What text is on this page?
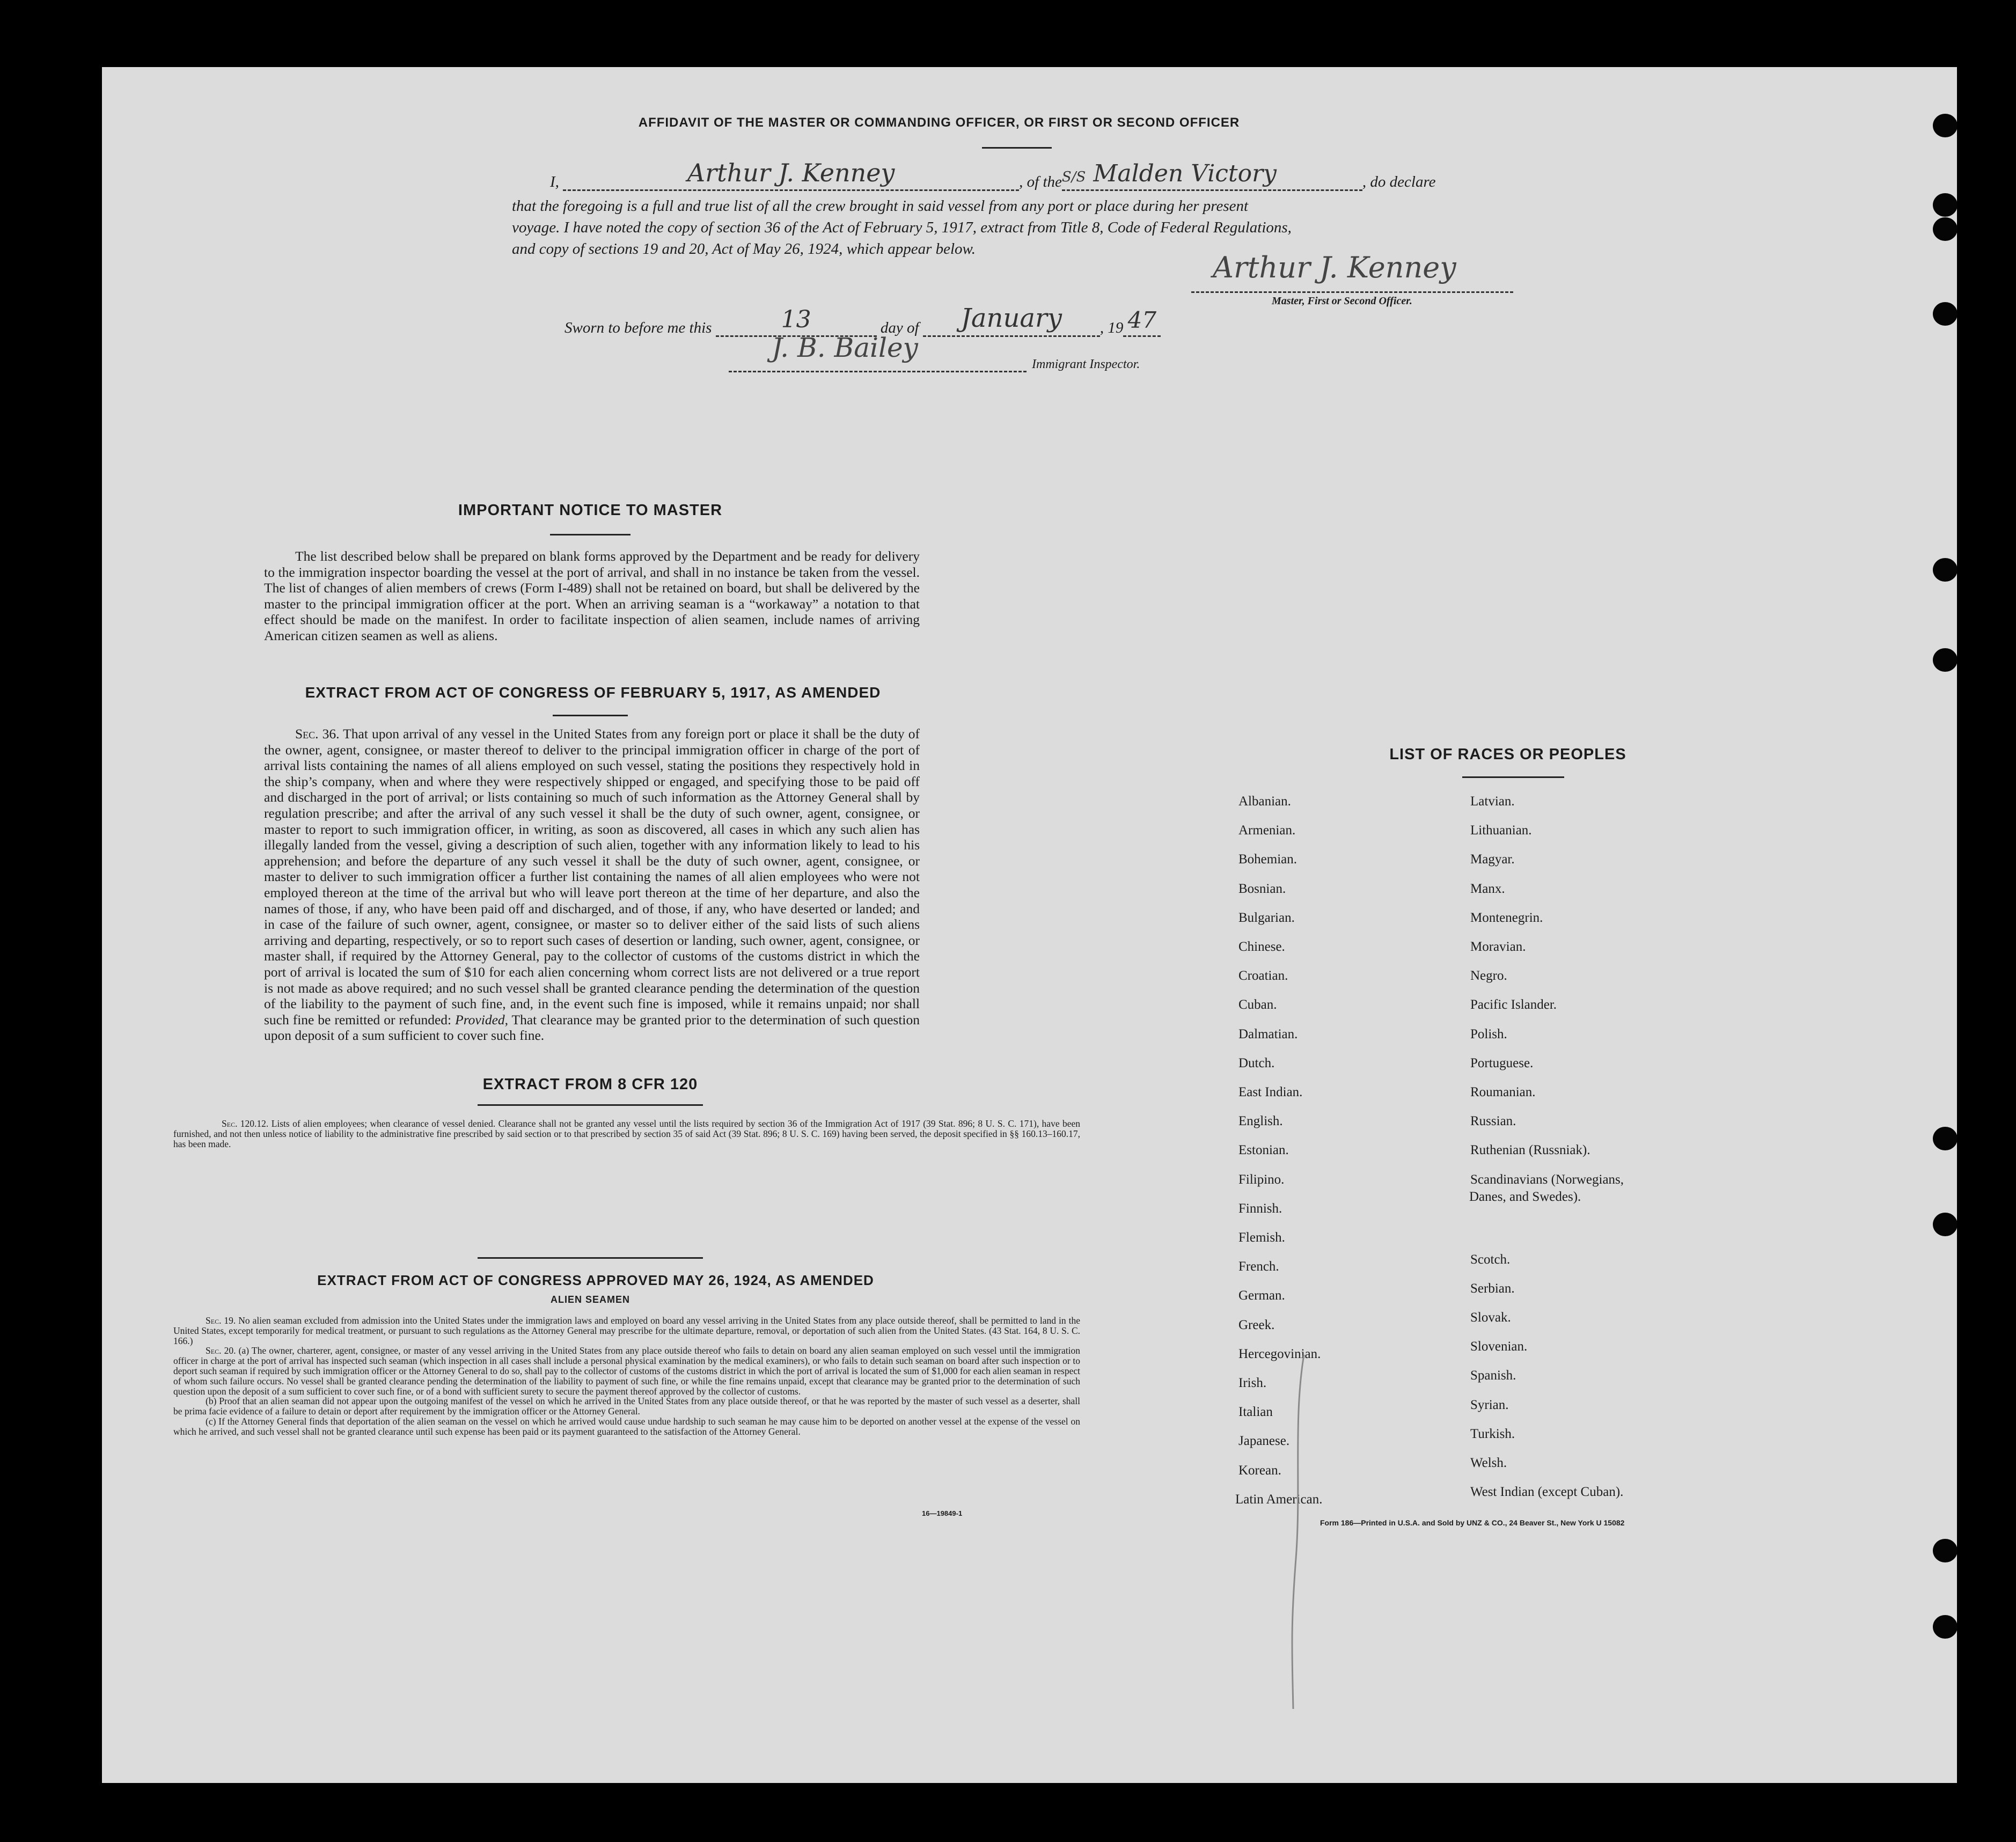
AFFIDAVIT OF THE MASTER OR COMMANDING OFFICER, OR FIRST OR SECOND OFFICER
I,	Arthur J. Kenney	, of the S/S Malden Victory	, do declare
that the foregoing is a full and true list of all the crew brought in said vessel from any port or place during her present
voyage. I have noted the copy of section 36 of the Act of February 5, 1917, extract from Title 8, Code of Federal Regulations,
and copy of sections 19 and 20, Act of May 26, 1924, which appear below.
Arthur J. Kenney
Master, First or Second Officer.
Sworn to before me this	13	day of	January	, 19 47
J. B. Bailey
Immigrant Inspector.
IMPORTANT NOTICE TO MASTER
The list described below shall be prepared on blank forms approved by the Department and be ready for delivery to the immigration inspector boarding the vessel at the port of arrival, and shall in no instance be taken from the vessel. The list of changes of alien members of crews (Form I-489) shall not be retained on board, but shall be delivered by the master to the principal immigration officer at the port. When an arriving seaman is a “workaway” a notation to that effect should be made on the manifest. In order to facilitate inspection of alien seamen, include names of arriving American citizen seamen as well as aliens.
EXTRACT FROM ACT OF CONGRESS OF FEBRUARY 5, 1917, AS AMENDED
Sec. 36. That upon arrival of any vessel in the United States from any foreign port or place it shall be the duty of the owner, agent, consignee, or master thereof to deliver to the principal immigration officer in charge of the port of arrival lists containing the names of all aliens employed on such vessel, stating the positions they respectively hold in the ship’s company, when and where they were respectively shipped or engaged, and specifying those to be paid off and discharged in the port of arrival; or lists containing so much of such information as the Attorney General shall by regulation prescribe; and after the arrival of any such vessel it shall be the duty of such owner, agent, consignee, or master to report to such immigration officer, in writing, as soon as discovered, all cases in which any such alien has illegally landed from the vessel, giving a description of such alien, together with any information likely to lead to his apprehension; and before the departure of any such vessel it shall be the duty of such owner, agent, consignee, or master to deliver to such immigration officer a further list containing the names of all alien employees who were not employed thereon at the time of the arrival but who will leave port thereon at the time of her departure, and also the names of those, if any, who have been paid off and discharged, and of those, if any, who have deserted or landed; and in case of the failure of such owner, agent, consignee, or master so to deliver either of the said lists of such aliens arriving and departing, respectively, or so to report such cases of desertion or landing, such owner, agent, consignee, or master shall, if required by the Attorney General, pay to the collector of customs of the customs district in which the port of arrival is located the sum of $10 for each alien concerning whom correct lists are not delivered or a true report is not made as above required; and no such vessel shall be granted clearance pending the determination of the question of the liability to the payment of such fine, and, in the event such fine is imposed, while it remains unpaid; nor shall such fine be remitted or refunded: Provided, That clearance may be granted prior to the determination of such question upon deposit of a sum sufficient to cover such fine.
EXTRACT FROM 8 CFR 120
Sec. 120.12. Lists of alien employees; when clearance of vessel denied. Clearance shall not be granted any vessel until the lists required by section 36 of the Immigration Act of 1917 (39 Stat. 896; 8 U. S. C. 171), have been furnished, and not then unless notice of liability to the administrative fine prescribed by said section or to that prescribed by section 35 of said Act (39 Stat. 896; 8 U. S. C. 169) having been served, the deposit specified in §§ 160.13–160.17, has been made.
EXTRACT FROM ACT OF CONGRESS APPROVED MAY 26, 1924, AS AMENDED
ALIEN SEAMEN
Sec. 19. No alien seaman excluded from admission into the United States under the immigration laws and employed on board any vessel arriving in the United States from any place outside thereof, shall be permitted to land in the United States, except temporarily for medical treatment, or pursuant to such regulations as the Attorney General may prescribe for the ultimate departure, removal, or deportation of such alien from the United States. (43 Stat. 164, 8 U. S. C. 166.)
Sec. 20. (a) The owner, charterer, agent, consignee, or master of any vessel arriving in the United States from any place outside thereof who fails to detain on board any alien seaman employed on such vessel until the immigration officer in charge at the port of arrival has inspected such seaman (which inspection in all cases shall include a personal physical examination by the medical examiners), or who fails to detain such seaman on board after such inspection or to deport such seaman if required by such immigration officer or the Attorney General to do so, shall pay to the collector of customs of the customs district in which the port of arrival is located the sum of $1,000 for each alien seaman in respect of whom such failure occurs. No vessel shall be granted clearance pending the determination of the liability to payment of such fine, or while the fine remains unpaid, except that clearance may be granted prior to the determination of such question upon the deposit of a sum sufficient to cover such fine, or of a bond with sufficient surety to secure the payment thereof approved by the collector of customs.
(b) Proof that an alien seaman did not appear upon the outgoing manifest of the vessel on which he arrived in the United States from any place outside thereof, or that he was reported by the master of such vessel as a deserter, shall be prima facie evidence of a failure to detain or deport after requirement by the immigration officer or the Attorney General.
(c) If the Attorney General finds that deportation of the alien seaman on the vessel on which he arrived would cause undue hardship to such seaman he may cause him to be deported on another vessel at the expense of the vessel on which he arrived, and such vessel shall not be granted clearance until such expense has been paid or its payment guaranteed to the satisfaction of the Attorney General.
16—19849-1
LIST OF RACES OR PEOPLES
Albanian.
Armenian.
Bohemian.
Bosnian.
Bulgarian.
Chinese.
Croatian.
Cuban.
Dalmatian.
Dutch.
East Indian.
English.
Estonian.
Filipino.
Finnish.
Flemish.
French.
German.
Greek.
Hercegovinian.
Irish.
Italian
Japanese.
Korean.
Latin American.
Latvian.
Lithuanian.
Magyar.
Manx.
Montenegrin.
Moravian.
Negro.
Pacific Islander.
Polish.
Portuguese.
Roumanian.
Russian.
Ruthenian (Russniak).
Scandinavians (Norwegians,
Danes, and Swedes).
Scotch.
Serbian.
Slovak.
Slovenian.
Spanish.
Syrian.
Turkish.
Welsh.
West Indian (except Cuban).
Form 186—Printed in U.S.A. and Sold by UNZ & CO., 24 Beaver St., New York U 15082
